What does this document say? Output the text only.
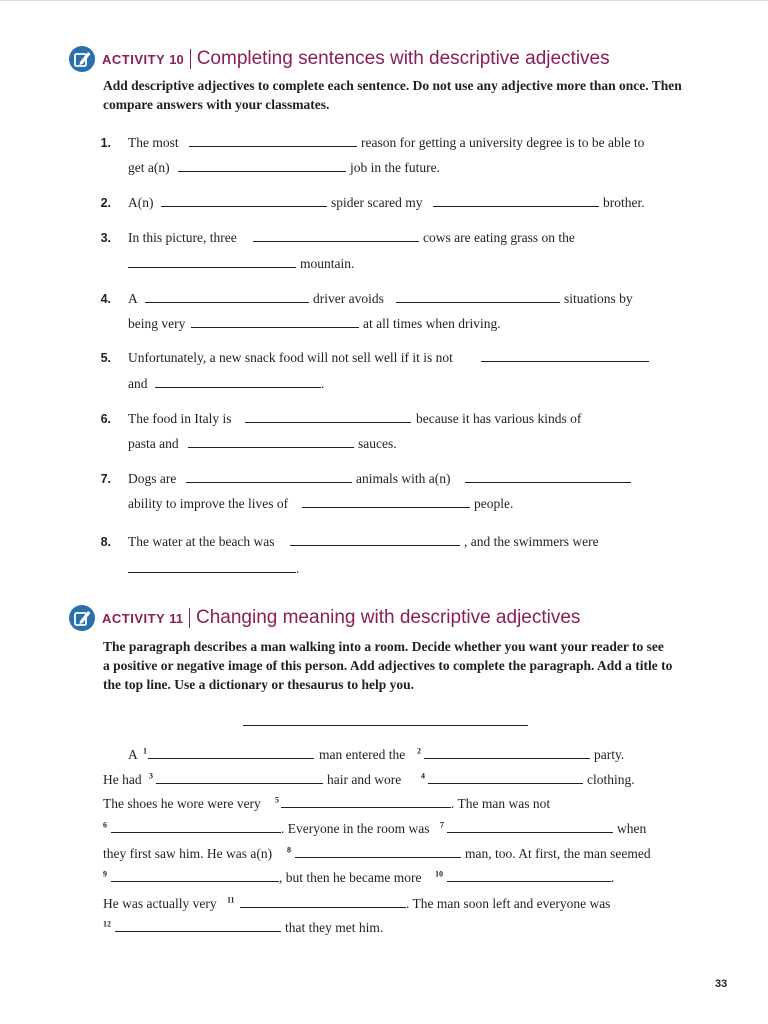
ACTIVITY 10 Completing sentences with descriptive adjectives
Add descriptive adjectives to complete each sentence. Do not use any adjective more than once. Then compare answers with your classmates.
1. The most	reason for getting a university degree is to be able to
get a(n)	job in the future.
2. A(n)	spider scared my	brother.
3. In this picture, three	cows are eating grass on the
mountain.
4. A	driver avoids	situations by
being very	at all times when driving.
5. Unfortunately, a new snack food will not sell well if it is not
and	.
6. The food in Italy is	because it has various kinds of
pasta and	sauces.
7. Dogs are	animals with a(n)
ability to improve the lives of	people.
8. The water at the beach was	, and the swimmers were
.
ACTIVITY 11 Changing meaning with descriptive adjectives
The paragraph describes a man walking into a room. Decide whether you want your reader to see a positive or negative image of this person. Add adjectives to complete the paragraph. Add a title to the top line. Use a dictionary or thesaurus to help you.
A $^1$	man entered the $^2$	party.
He had $^3$	hair and wore $^4$	clothing.
The shoes he wore were very $^5$	. The man was not
$^6$	. Everyone in the room was $^7$	when
they first saw him. He was a(n) $^8$	man, too. At first, the man seemed
$^9$	, but then he became more $^{10}$	.
He was actually very $^{11}$	. The man soon left and everyone was
$^{12}$	that they met him.
33
